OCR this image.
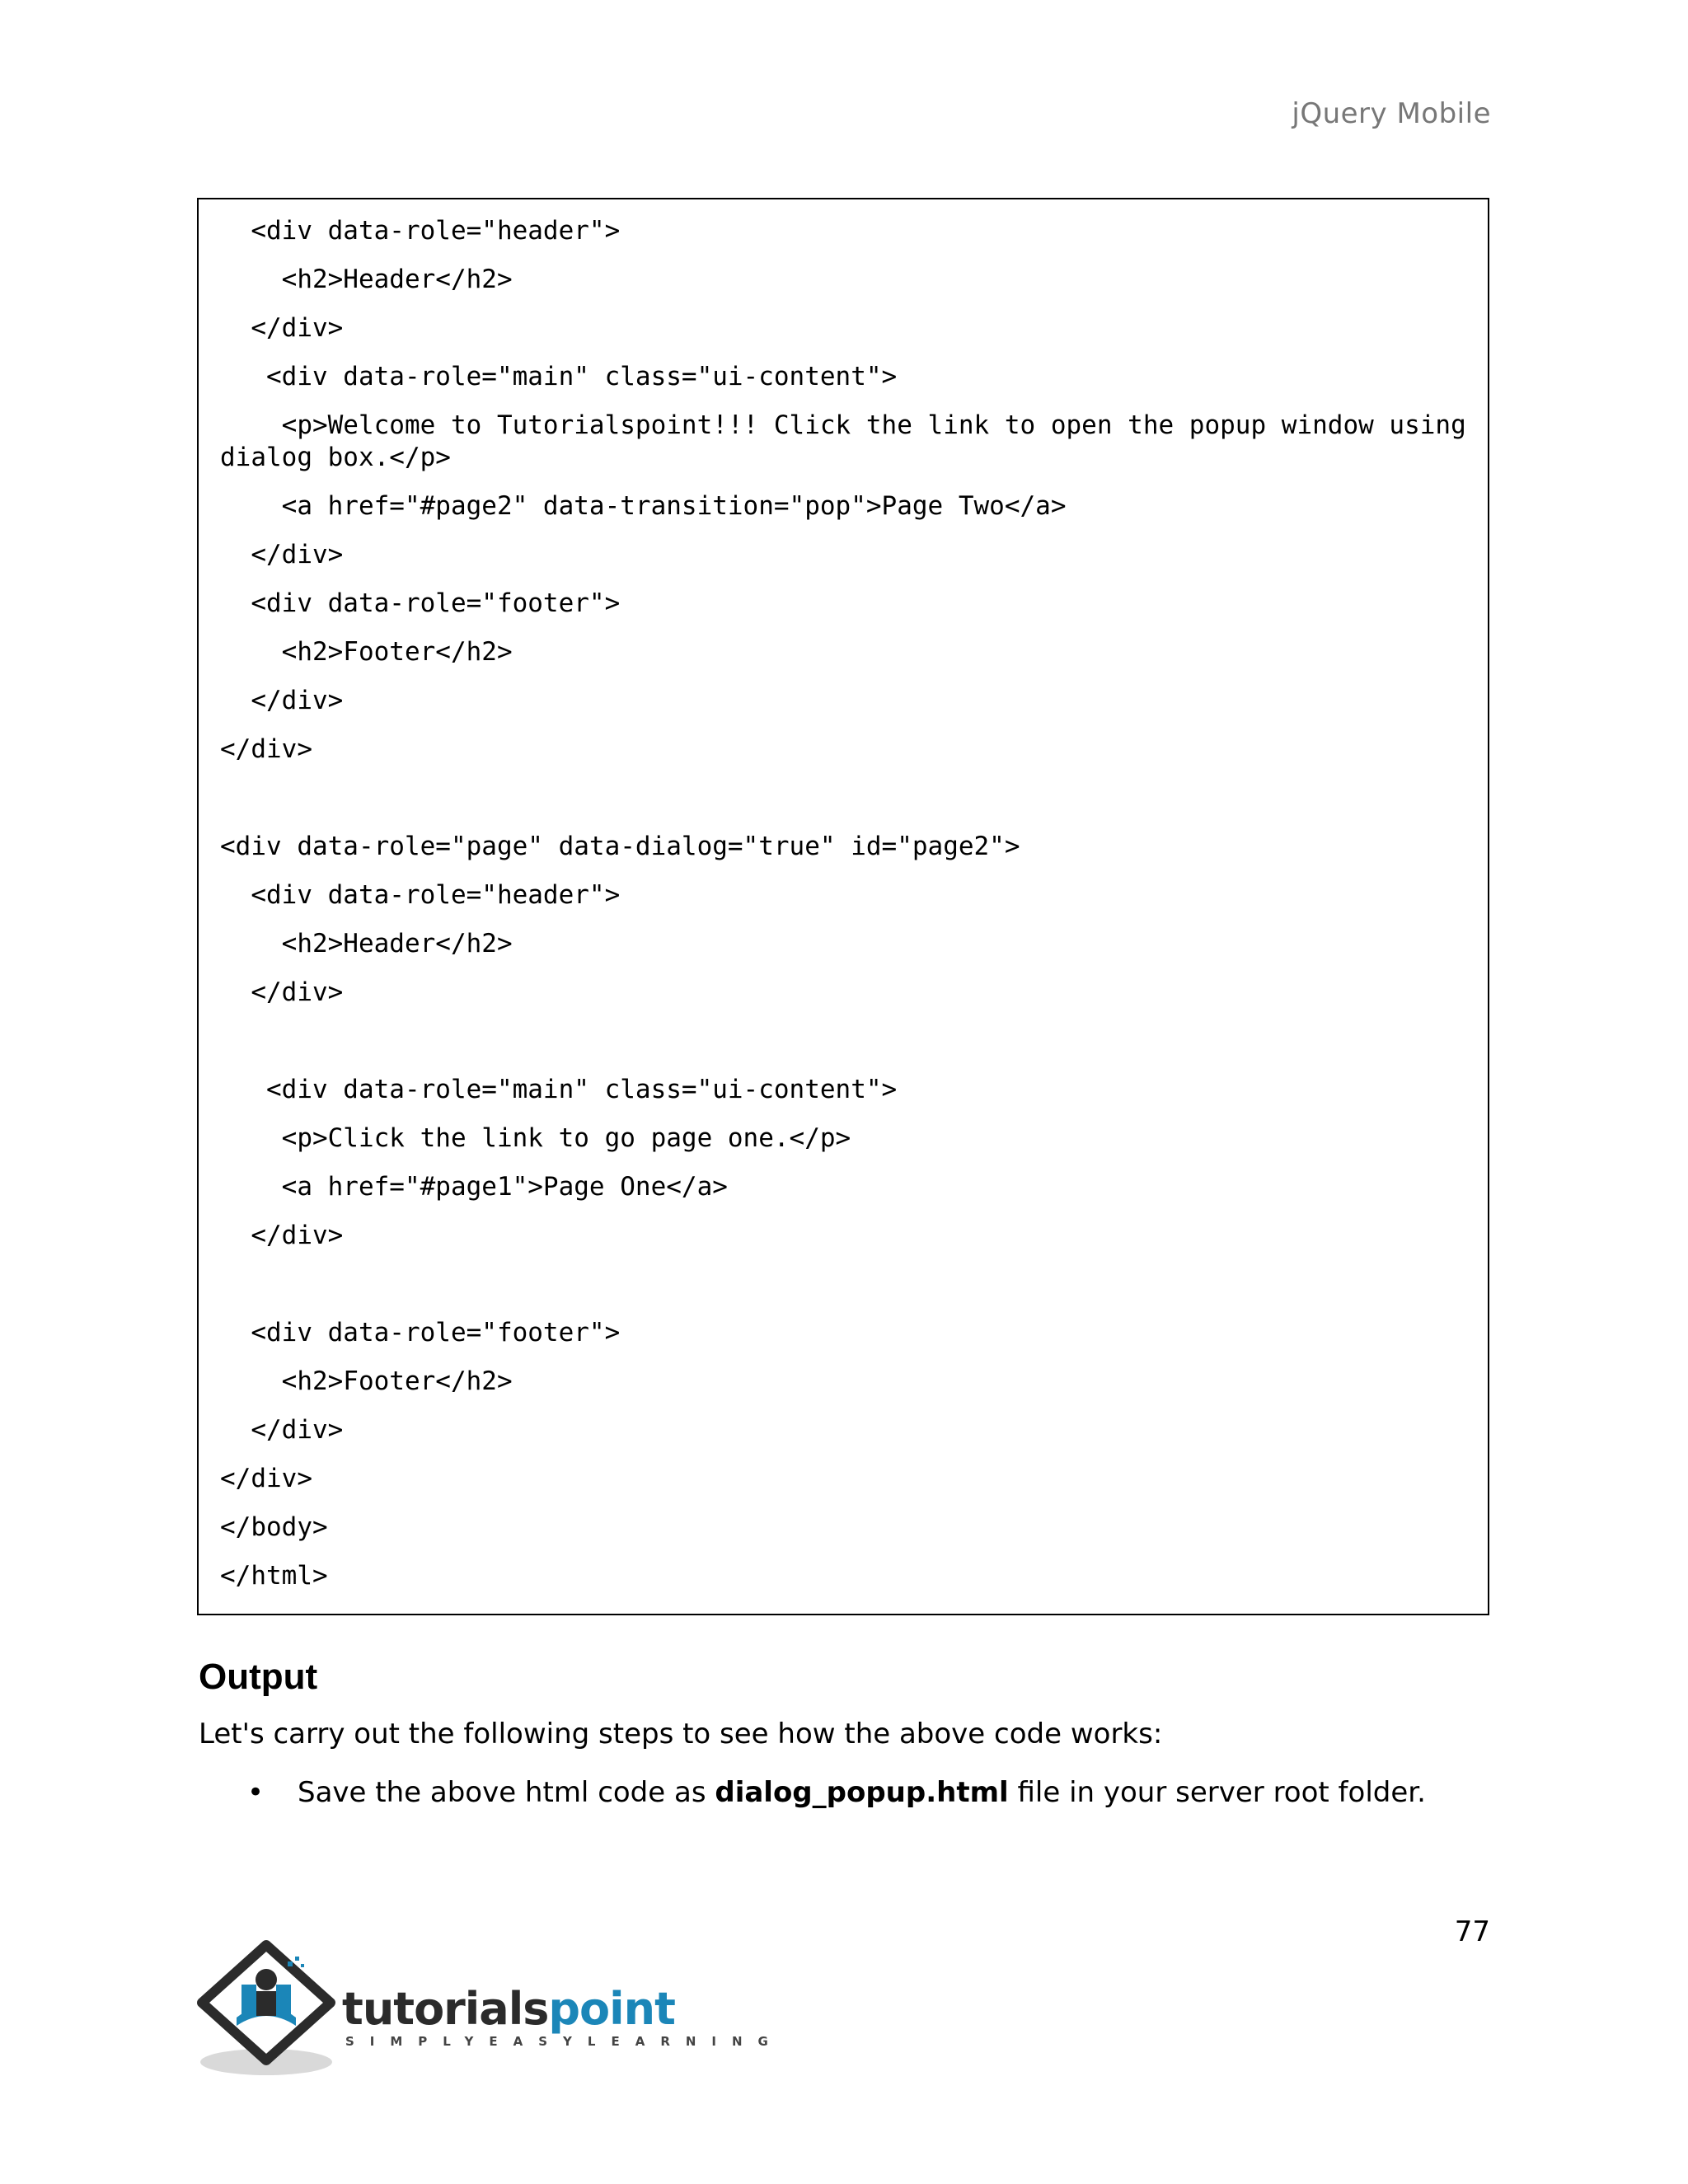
jQuery Mobile
<div data-role="header">
<h2>Header</h2>
</div>
<div data-role="main" class="ui-content">
<p>Welcome to Tutorialspoint!!! Click the link to open the popup window using
dialog box.</p>
<a href="#page2" data-transition="pop">Page Two</a>
</div>
<div data-role="footer">
<h2>Footer</h2>
</div>
</div>
<div data-role="page" data-dialog="true" id="page2">
<div data-role="header">
<h2>Header</h2>
</div>
<div data-role="main" class="ui-content">
<p>Click the link to go page one.</p>
<a href="#page1">Page One</a>
</div>
<div data-role="footer">
<h2>Footer</h2>
</div>
</div>
</body>
</html>
Output

Let's carry out the following steps to see how the above code works:

• Save the above html code as dialog_popup.html file in your server root folder.
77
tutorialspoint
SIMPLYEASYLEARNING
